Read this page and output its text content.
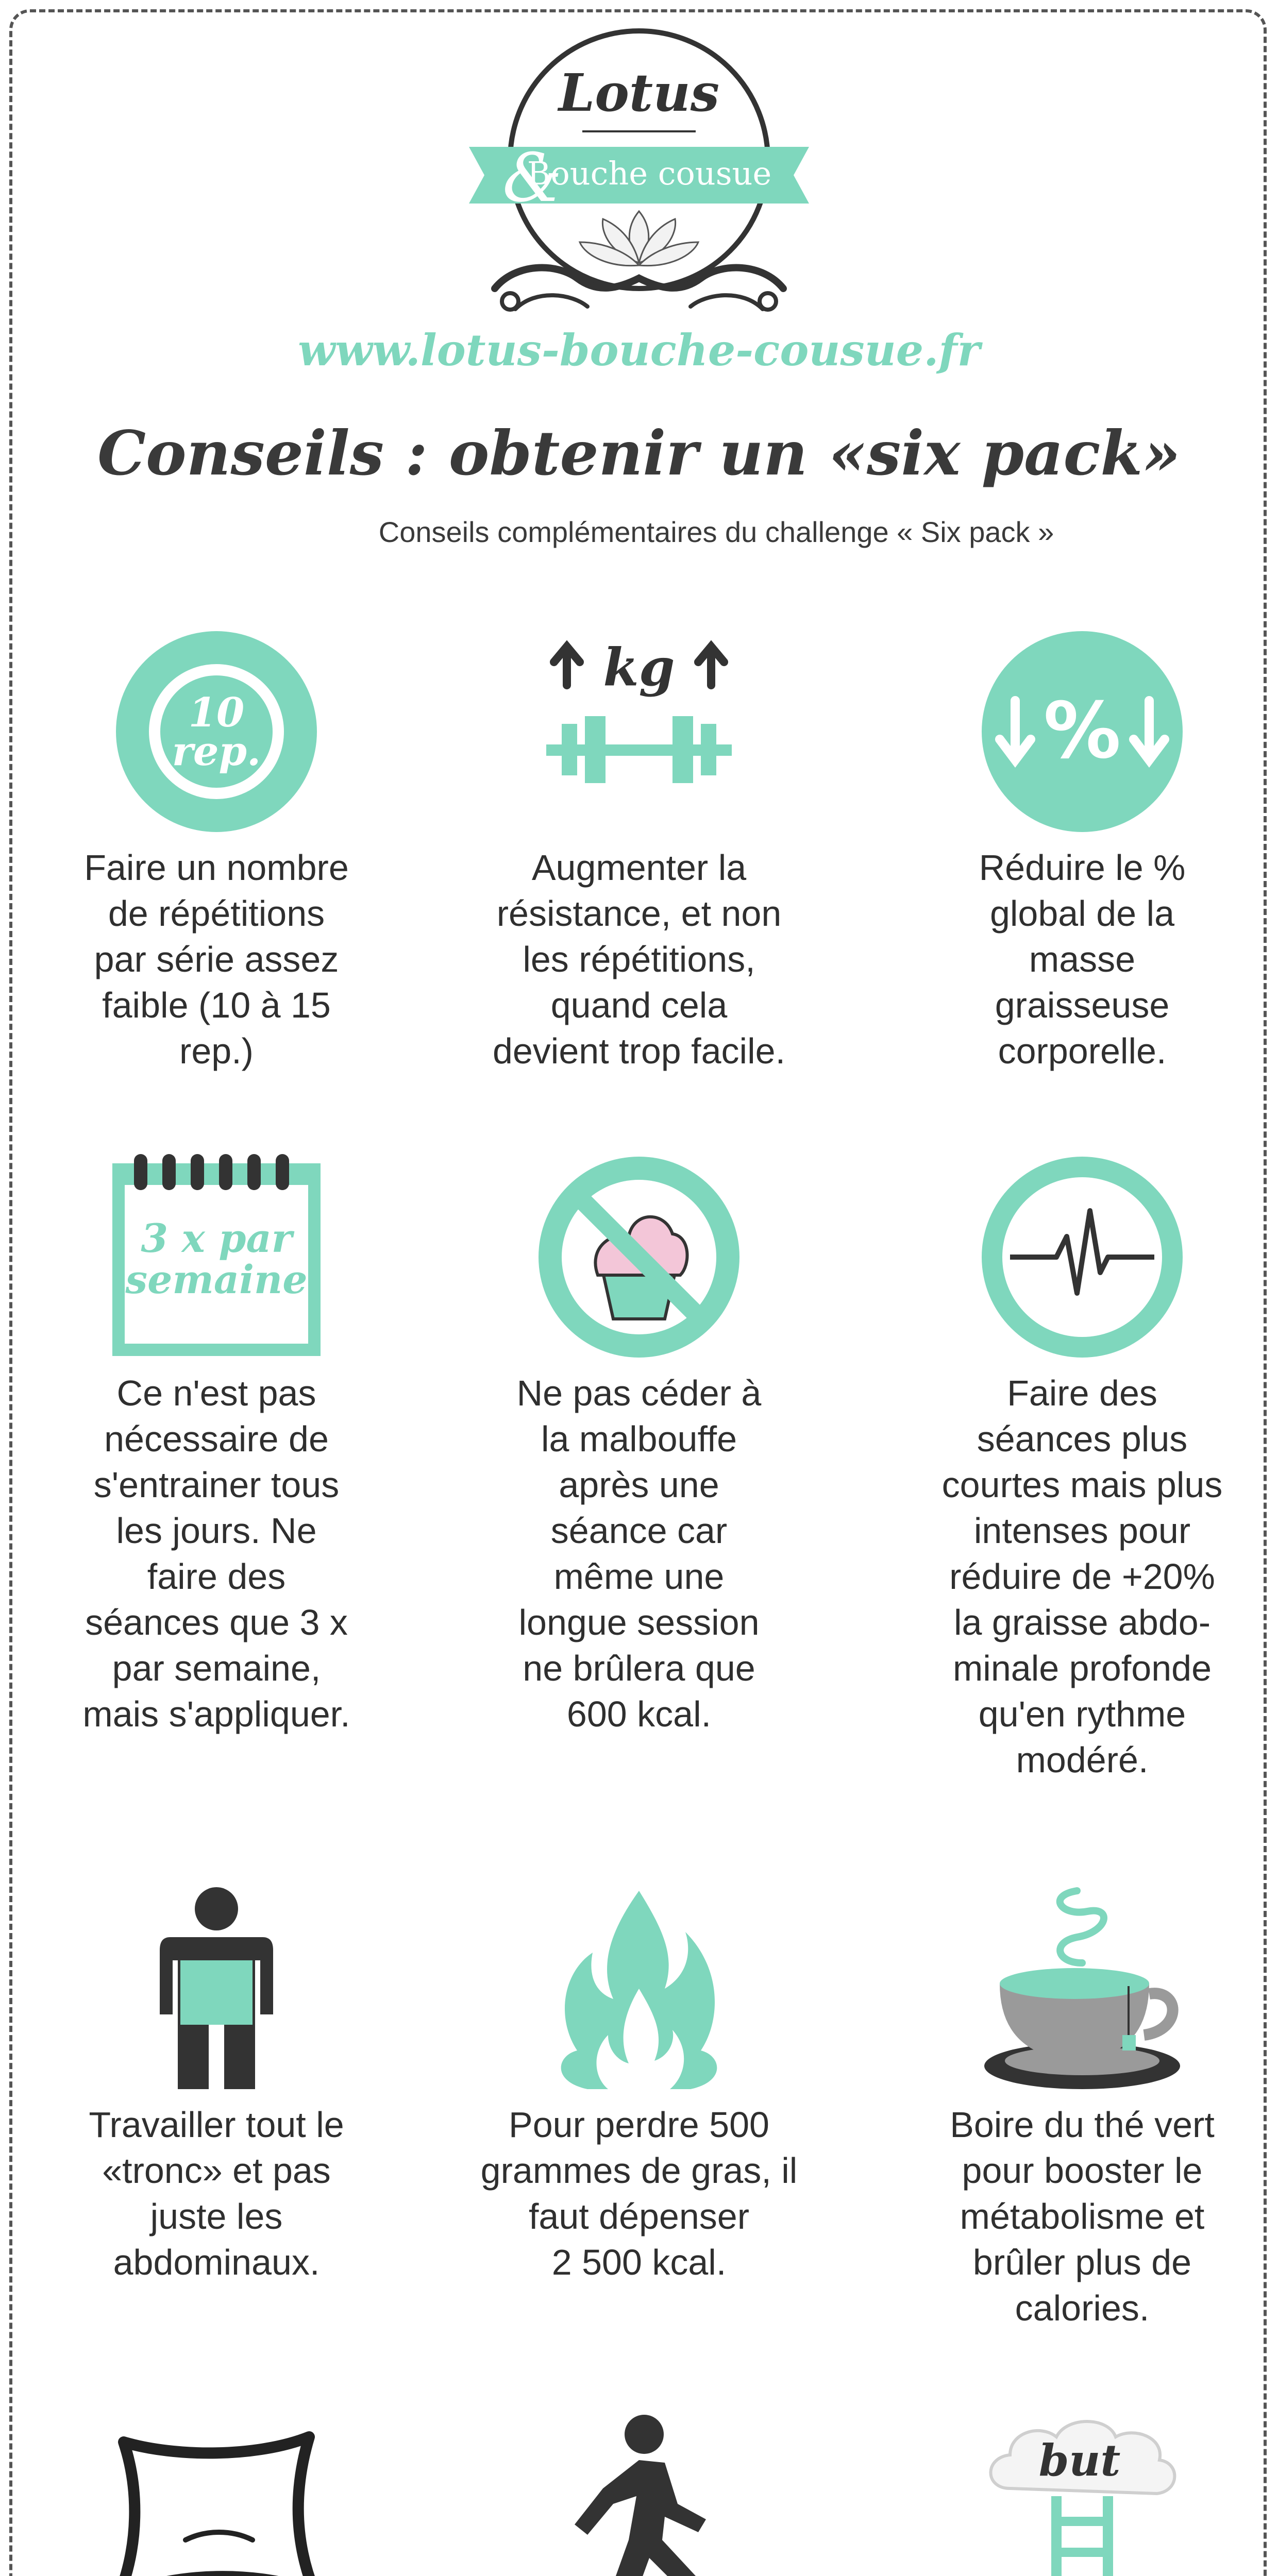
Lotus
&
Bouche cousue
www.lotus-bouche-cousue.fr
Conseils : obtenir un «six pack»
Conseils complémentaires du challenge « Six pack »
10
rep.
Faire un nombre
de répétitions
par série assez
faible (10 à 15
rep.)
kg
Augmenter la
résistance, et non
les répétitions,
quand cela
devient trop facile.
%
Réduire le %
global de la
masse
graisseuse
corporelle.
3 x par
semaine
Ce n'est pas
nécessaire de
s'entrainer tous
les jours. Ne
faire des
séances que 3 x
par semaine,
mais s'appliquer.
Ne pas céder à
la malbouffe
après une
séance car
même une
longue session
ne brûlera que
600 kcal.
Faire des
séances plus
courtes mais plus
intenses pour
réduire de +20%
la graisse abdo-
minale profonde
qu'en rythme
modéré.
Travailler tout le
«tronc» et pas
juste les
abdominaux.
Pour perdre 500
grammes de gras, il
faut dépenser
2 500 kcal.
Boire du thé vert
pour booster le
métabolisme et
brûler plus de
calories.
but
